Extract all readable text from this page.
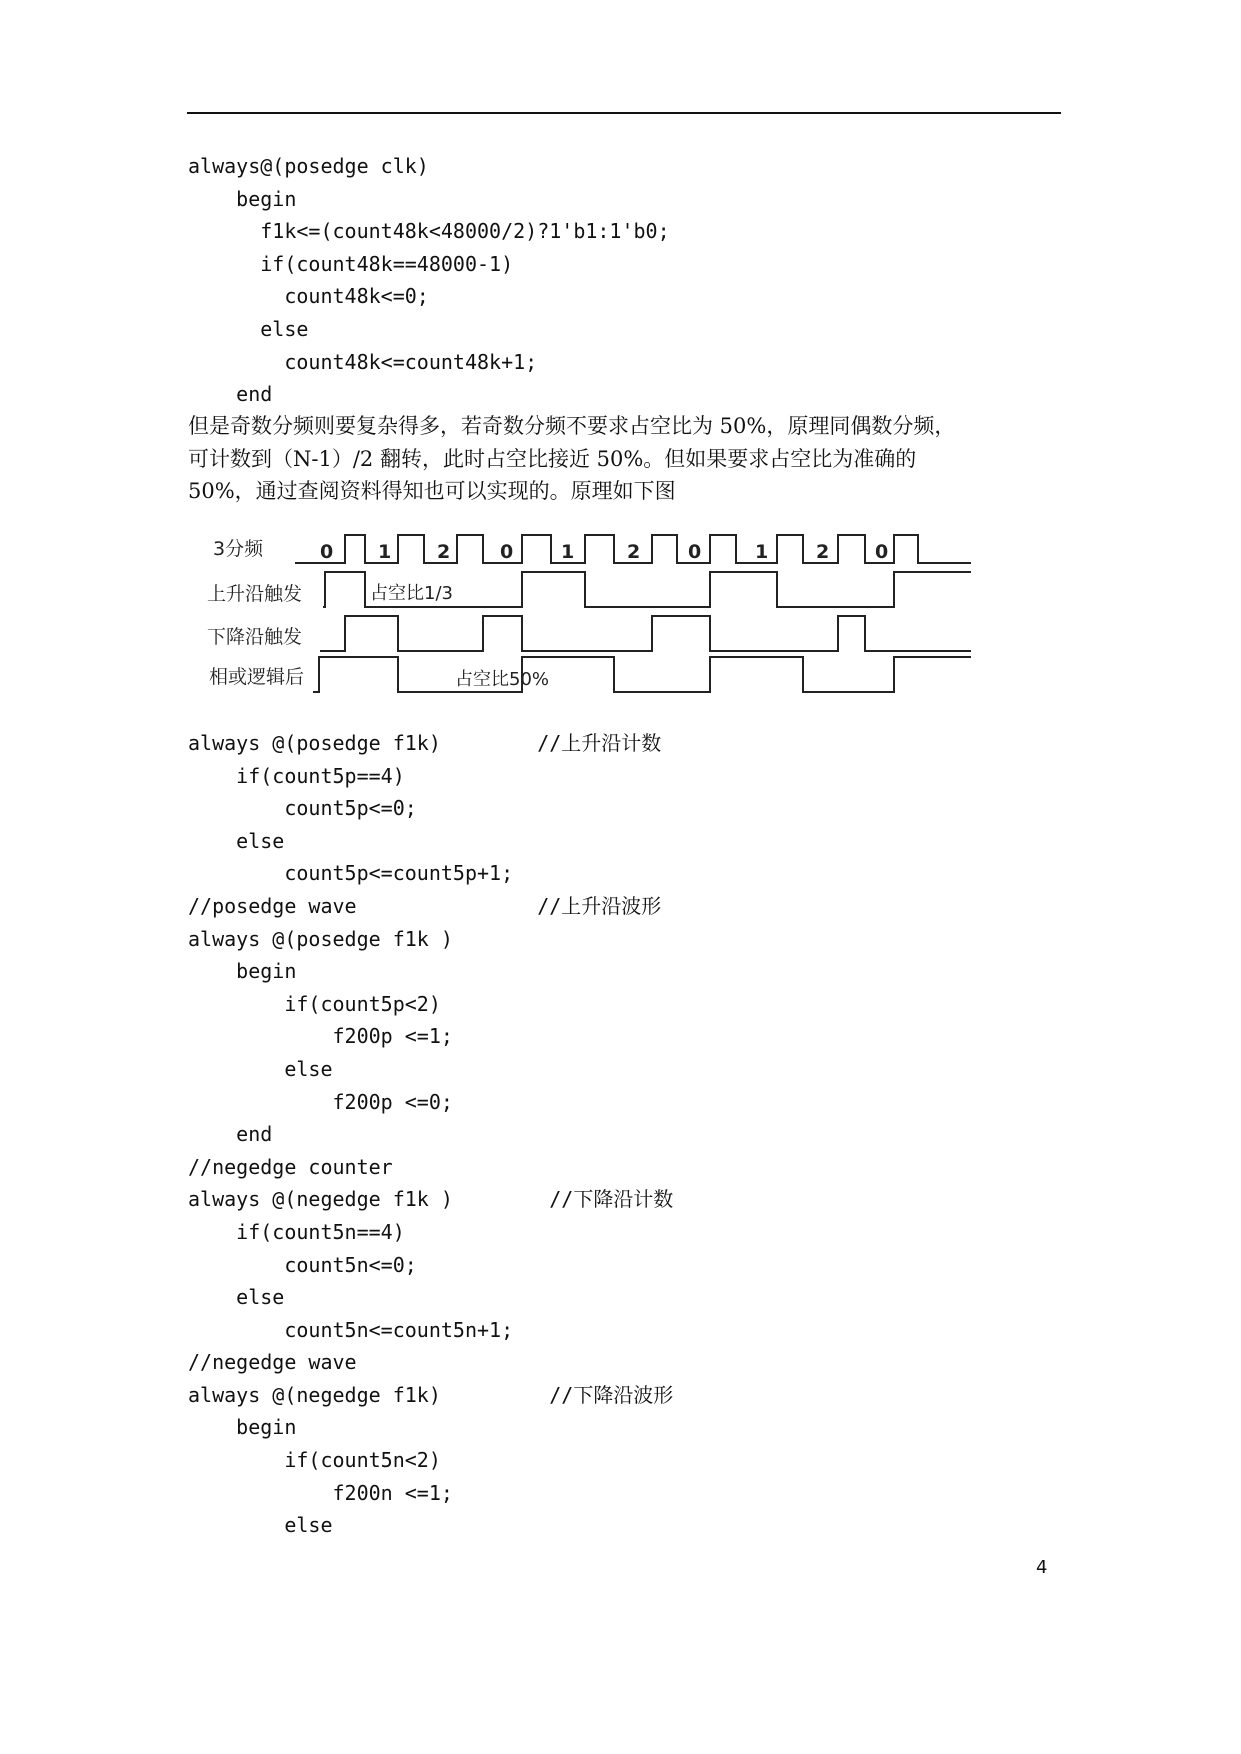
always@(posedge clk)
begin
f1k<=(count48k<48000/2)?1'b1:1'b0;
if(count48k==48000-1)
count48k<=0;
else
count48k<=count48k+1;
end
但是奇数分频则要复杂得多，若奇数分频不要求占空比为 50%，原理同偶数分频，
可计数到（N-1）/2 翻转，此时占空比接近 50%。但如果要求占空比为准确的
50%，通过查阅资料得知也可以实现的。原理如下图
3分频
上升沿触发
下降沿触发
相或逻辑后
0 1 2	0	1	2	0	1	2 0
占空比1/3
占空比50%
always @(posedge f1k)        //上升沿计数
if(count5p==4)
count5p<=0;
else
count5p<=count5p+1;
//posedge wave               //上升沿波形
always @(posedge f1k )
begin
if(count5p<2)
f200p <=1;
else
f200p <=0;
end
//negedge counter
always @(negedge f1k )        //下降沿计数
if(count5n==4)
count5n<=0;
else
count5n<=count5n+1;
//negedge wave
always @(negedge f1k)         //下降沿波形
begin
if(count5n<2)
f200n <=1;
else
4
